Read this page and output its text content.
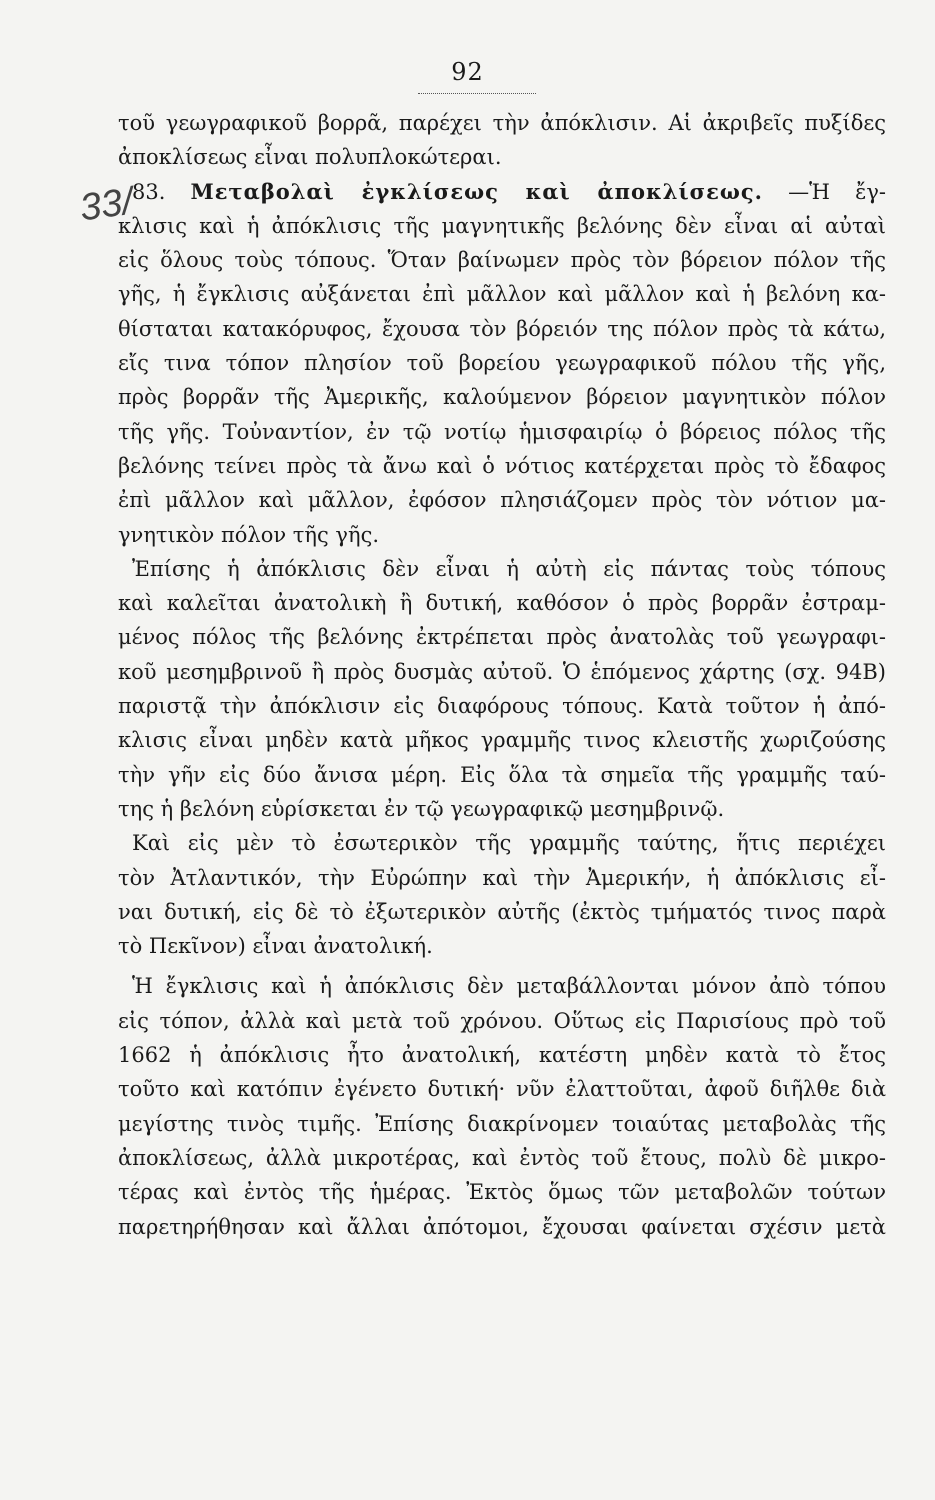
92
33/
τοῦ γεωγραφικοῦ βορρᾶ, παρέχει τὴν ἀπόκλισιν. Αἱ ἀκριβεῖς πυξίδες
ἀποκλίσεως εἶναι πολυπλοκώτεραι.
83. Μεταβολαὶ ἐγκλίσεως καὶ ἀποκλίσεως. —Ἡ ἔγ-
κλισις καὶ ἡ ἀπόκλισις τῆς μαγνητικῆς βελόνης δὲν εἶναι αἱ αὐταὶ
εἰς ὅλους τοὺς τόπους. Ὅταν βαίνωμεν πρὸς τὸν βόρειον πόλον τῆς
γῆς, ἡ ἔγκλισις αὐξάνεται ἐπὶ μᾶλλον καὶ μᾶλλον καὶ ἡ βελόνη κα-
θίσταται κατακόρυφος, ἔχουσα τὸν βόρειόν της πόλον πρὸς τὰ κάτω,
εἴς τινα τόπον πλησίον τοῦ βορείου γεωγραφικοῦ πόλου τῆς γῆς,
πρὸς βορρᾶν τῆς Ἀμερικῆς, καλούμενον βόρειον μαγνητικὸν πόλον
τῆς γῆς. Τοὐναντίον, ἐν τῷ νοτίῳ ἡμισφαιρίῳ ὁ βόρειος πόλος τῆς
βελόνης τείνει πρὸς τὰ ἄνω καὶ ὁ νότιος κατέρχεται πρὸς τὸ ἔδαφος
ἐπὶ μᾶλλον καὶ μᾶλλον, ἐφόσον πλησιάζομεν πρὸς τὸν νότιον μα-
γνητικὸν πόλον τῆς γῆς.
Ἐπίσης ἡ ἀπόκλισις δὲν εἶναι ἡ αὐτὴ εἰς πάντας τοὺς τόπους
καὶ καλεῖται ἀνατολικὴ ἢ δυτική, καθόσον ὁ πρὸς βορρᾶν ἐστραμ-
μένος πόλος τῆς βελόνης ἐκτρέπεται πρὸς ἀνατολὰς τοῦ γεωγραφι-
κοῦ μεσημβρινοῦ ἢ πρὸς δυσμὰς αὐτοῦ. Ὁ ἑπόμενος χάρτης (σχ. 94Β)
παριστᾷ τὴν ἀπόκλισιν εἰς διαφόρους τόπους. Κατὰ τοῦτον ἡ ἀπό-
κλισις εἶναι μηδὲν κατὰ μῆκος γραμμῆς τινος κλειστῆς χωριζούσης
τὴν γῆν εἰς δύο ἄνισα μέρη. Εἰς ὅλα τὰ σημεῖα τῆς γραμμῆς ταύ-
της ἡ βελόνη εὑρίσκεται ἐν τῷ γεωγραφικῷ μεσημβρινῷ.
Καὶ εἰς μὲν τὸ ἐσωτερικὸν τῆς γραμμῆς ταύτης, ἥτις περιέχει
τὸν Ἀτλαντικόν, τὴν Εὐρώπην καὶ τὴν Ἀμερικήν, ἡ ἀπόκλισις εἶ-
ναι δυτική, εἰς δὲ τὸ ἐξωτερικὸν αὐτῆς (ἐκτὸς τμήματός τινος παρὰ
τὸ Πεκῖνον) εἶναι ἀνατολική.
Ἡ ἔγκλισις καὶ ἡ ἀπόκλισις δὲν μεταβάλλονται μόνον ἀπὸ τόπου
εἰς τόπον, ἀλλὰ καὶ μετὰ τοῦ χρόνου. Οὕτως εἰς Παρισίους πρὸ τοῦ
1662 ἡ ἀπόκλισις ἦτο ἀνατολική, κατέστη μηδὲν κατὰ τὸ ἔτος
τοῦτο καὶ κατόπιν ἐγένετο δυτική· νῦν ἐλαττοῦται, ἀφοῦ διῆλθε διὰ
μεγίστης τινὸς τιμῆς. Ἐπίσης διακρίνομεν τοιαύτας μεταβολὰς τῆς
ἀποκλίσεως, ἀλλὰ μικροτέρας, καὶ ἐντὸς τοῦ ἔτους, πολὺ δὲ μικρο-
τέρας καὶ ἐντὸς τῆς ἡμέρας. Ἐκτὸς ὅμως τῶν μεταβολῶν τούτων
παρετηρήθησαν καὶ ἄλλαι ἀπότομοι, ἔχουσαι φαίνεται σχέσιν μετὰ
